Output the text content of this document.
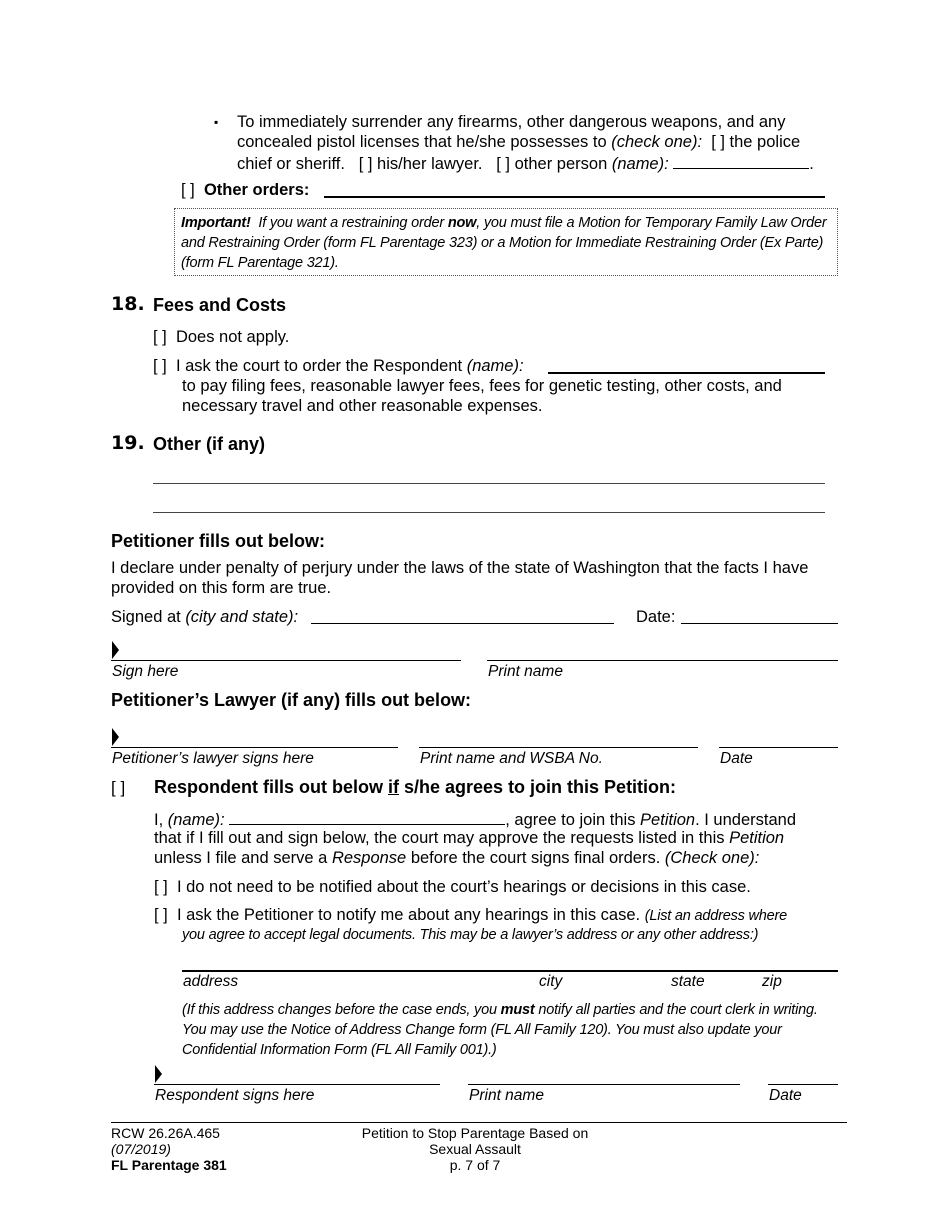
▪ To immediately surrender any firearms, other dangerous weapons, and any
concealed pistol licenses that he/she possesses to (check one): [ ] the police
chief or sheriff. [ ] his/her lawyer. [ ] other person (name):	.
[ ] Other orders:
Important! If you want a restraining order now, you must file a Motion for Temporary Family Law Order
and Restraining Order (form FL Parentage 323) or a Motion for Immediate Restraining Order (Ex Parte)
(form FL Parentage 321).
18. Fees and Costs
[ ] Does not apply.
[ ] I ask the court to order the Respondent (name):
to pay filing fees, reasonable lawyer fees, fees for genetic testing, other costs, and
necessary travel and other reasonable expenses.
19. Other (if any)
Petitioner fills out below:
I declare under penalty of perjury under the laws of the state of Washington that the facts I have
provided on this form are true.
Signed at (city and state):	Date:
Sign here	Print name
Petitioner’s Lawyer (if any) fills out below:
Petitioner’s lawyer signs here	Print name and WSBA No.	Date
[ ] Respondent fills out below if s/he agrees to join this Petition:
I, (name):	, agree to join this Petition. I understand
that if I fill out and sign below, the court may approve the requests listed in this Petition
unless I file and serve a Response before the court signs final orders. (Check one):
[ ] I do not need to be notified about the court’s hearings or decisions in this case.
[ ] I ask the Petitioner to notify me about any hearings in this case. (List an address where
you agree to accept legal documents. This may be a lawyer’s address or any other address:)
address	city	state	zip
(If this address changes before the case ends, you must notify all parties and the court clerk in writing.
You may use the Notice of Address Change form (FL All Family 120). You must also update your
Confidential Information Form (FL All Family 001).)
Respondent signs here	Print name	Date
RCW 26.26A.465
(07/2019)
FL Parentage 381
Petition to Stop Parentage Based on
Sexual Assault
p. 7 of 7
